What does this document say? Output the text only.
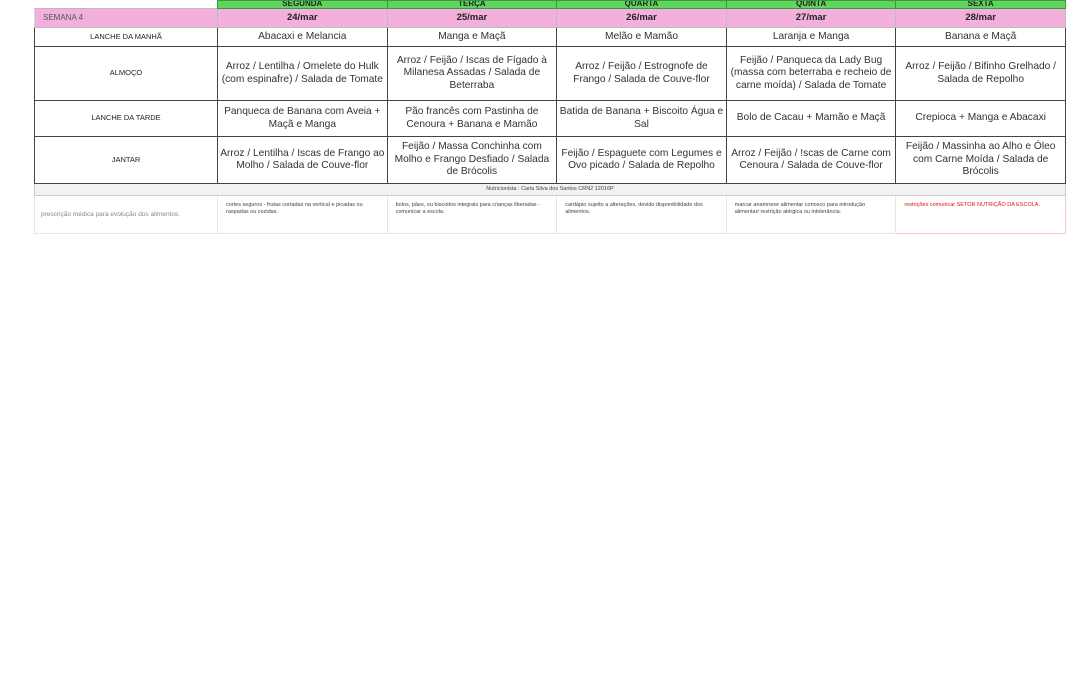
	SEGUNDA	TERÇA	QUARTA	QUINTA	SEXTA

SEMANA 4	24/mar	25/mar	26/mar	27/mar	28/mar
LANCHE DA MANHÃ	Abacaxi e Melancia	Manga e Maçã	Melão e Mamão	Laranja e Manga	Banana e Maçã
ALMOÇO	Arroz / Lentilha / Omelete do Hulk (com espinafre) / Salada de Tomate	Arroz / Feijão / Iscas de Fígado à Milanesa Assadas / Salada de Beterraba	Arroz / Feijão / Estrognofe de Frango / Salada de Couve-flor	Feijão / Panqueca da Lady Bug (massa com beterraba e recheio de carne moída) / Salada de Tomate	Arroz / Feijão / Bifinho Grelhado / Salada de Repolho
LANCHE DA TARDE	Panqueca de Banana com Aveia + Maçã e Manga	Pão francês com Pastinha de Cenoura + Banana e Mamão	Batida de Banana + Biscoito Água e Sal	Bolo de Cacau + Mamão e Maçã	Crepioca + Manga e Abacaxi
JANTAR	Arroz / Lentilha / Iscas de Frango ao Molho / Salada de Couve-flor	Feijão / Massa Conchinha com Molho e Frango Desfiado / Salada de Brócolis	Feijão / Espaguete com Legumes e Ovo picado / Salada de Repolho	Arroz / Feijão / !scas de Carne com Cenoura / Salada de Couve-flor	Feijão / Massinha ao Alho e Óleo com Carne Moída / Salada de Brócolis
Nutricionista : Carla Silva dos Santos CRN2 12016P					
prescrição médica para evolução dos alimentos.	cortes seguros - frutas cortadas na vertical e picadas ou raspadas ou cozidas.	bolos, pães, ou biscoitos integrais para crianças liberadas - comunicar a escola.	cardápio sujeito a alterações, devido disponibilidade dos alimentos.	marcar anamnese alimentar conosco para introdução alimentar/ restrição alérgica ou intolerância.	restrições comunicar SETOR NUTRIÇÃO DA ESCOLA.
